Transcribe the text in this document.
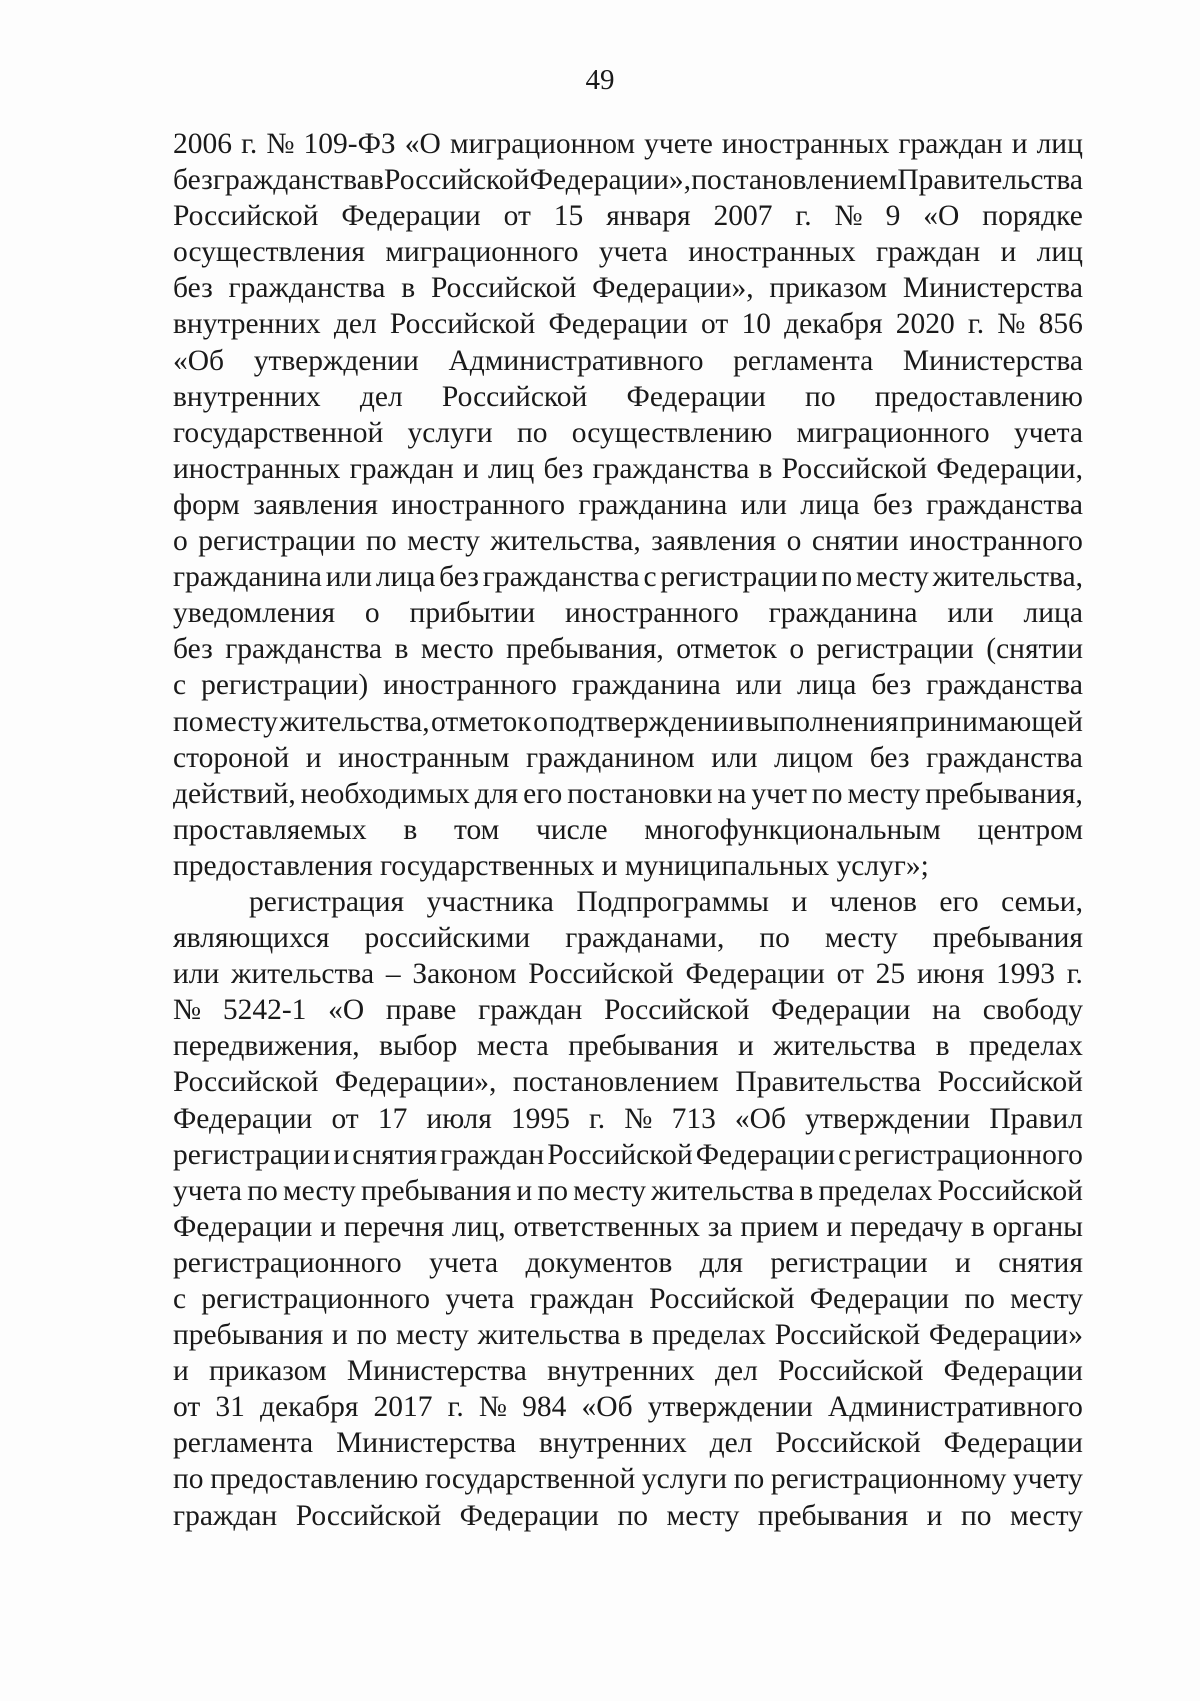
49
2006 г. № 109-ФЗ «О миграционном учете иностранных граждан и лиц
без гражданства в Российской Федерации», постановлением Правительства
Российской Федерации от 15 января 2007 г. № 9 «О порядке
осуществления миграционного учета иностранных граждан и лиц
без гражданства в Российской Федерации», приказом Министерства
внутренних дел Российской Федерации от 10 декабря 2020 г. № 856
«Об утверждении Административного регламента Министерства
внутренних дел Российской Федерации по предоставлению
государственной услуги по осуществлению миграционного учета
иностранных граждан и лиц без гражданства в Российской Федерации,
форм заявления иностранного гражданина или лица без гражданства
о регистрации по месту жительства, заявления о снятии иностранного
гражданина или лица без гражданства с регистрации по месту жительства,
уведомления о прибытии иностранного гражданина или лица
без гражданства в место пребывания, отметок о регистрации (снятии
с регистрации) иностранного гражданина или лица без гражданства
по месту жительства, отметок о подтверждении выполнения принимающей
стороной и иностранным гражданином или лицом без гражданства
действий, необходимых для его постановки на учет по месту пребывания,
проставляемых в том числе многофункциональным центром
предоставления государственных и муниципальных услуг»;
регистрация участника Подпрограммы и членов его семьи,
являющихся российскими гражданами, по месту пребывания
или жительства – Законом Российской Федерации от 25 июня 1993 г.
№ 5242-1 «О праве граждан Российской Федерации на свободу
передвижения, выбор места пребывания и жительства в пределах
Российской Федерации», постановлением Правительства Российской
Федерации от 17 июля 1995 г. № 713 «Об утверждении Правил
регистрации и снятия граждан Российской Федерации с регистрационного
учета по месту пребывания и по месту жительства в пределах Российской
Федерации и перечня лиц, ответственных за прием и передачу в органы
регистрационного учета документов для регистрации и снятия
с регистрационного учета граждан Российской Федерации по месту
пребывания и по месту жительства в пределах Российской Федерации»
и приказом Министерства внутренних дел Российской Федерации
от 31 декабря 2017 г. № 984 «Об утверждении Административного
регламента Министерства внутренних дел Российской Федерации
по предоставлению государственной услуги по регистрационному учету
граждан Российской Федерации по месту пребывания и по месту
